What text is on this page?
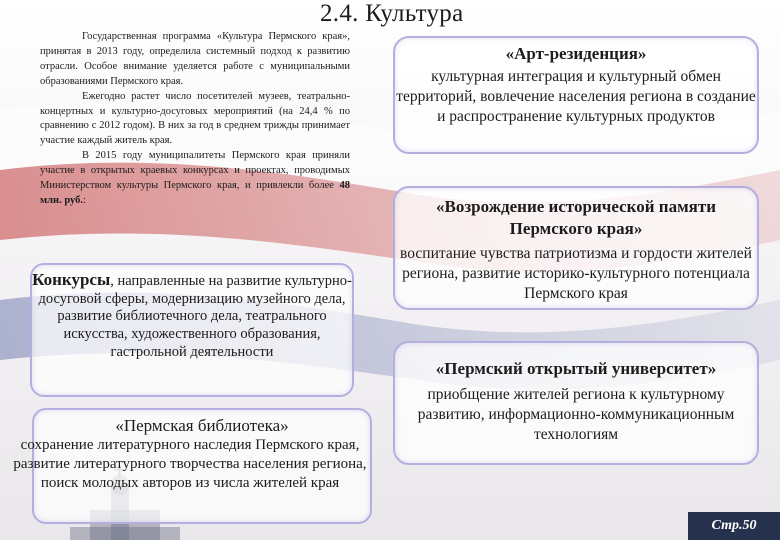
2.4. Культура

Государственная программа «Культура Пермского края», принятая в 2013 году, определила системный подход к развитию отрасли. Особое внимание уделяется работе с муниципальными образованиями Пермского края.

Ежегодно растет число посетителей музеев, театрально-концертных и культурно-досуговых мероприятий (на 24,4 % по сравнению с 2012 годом). В них за год в среднем трижды принимает участие каждый житель края.

В 2015 году муниципалитеты Пермского края приняли участие в открытых краевых конкурсах и проектах, проводимых Министерством культуры Пермского края, и привлекли более 48 млн. руб.:

Конкурсы, направленные на развитие культурно-досуговой сферы, модернизацию музейного дела, развитие библиотечного дела, театрального искусства, художественного образования, гастрольной деятельности
«Пермская библиотека»
сохранение литературного наследия Пермского края, развитие литературного творчества населения региона, поиск молодых авторов из числа жителей края
«Арт-резиденция»
культурная интеграция и культурный обмен территорий, вовлечение населения региона в создание и распространение культурных продуктов
«Возрождение исторической памяти Пермского края»
воспитание чувства патриотизма и гордости жителей региона, развитие историко-культурного потенциала Пермского края
«Пермский открытый университет»
приобщение жителей региона к культурному развитию, информационно-коммуникационным технологиям
Стр.50
